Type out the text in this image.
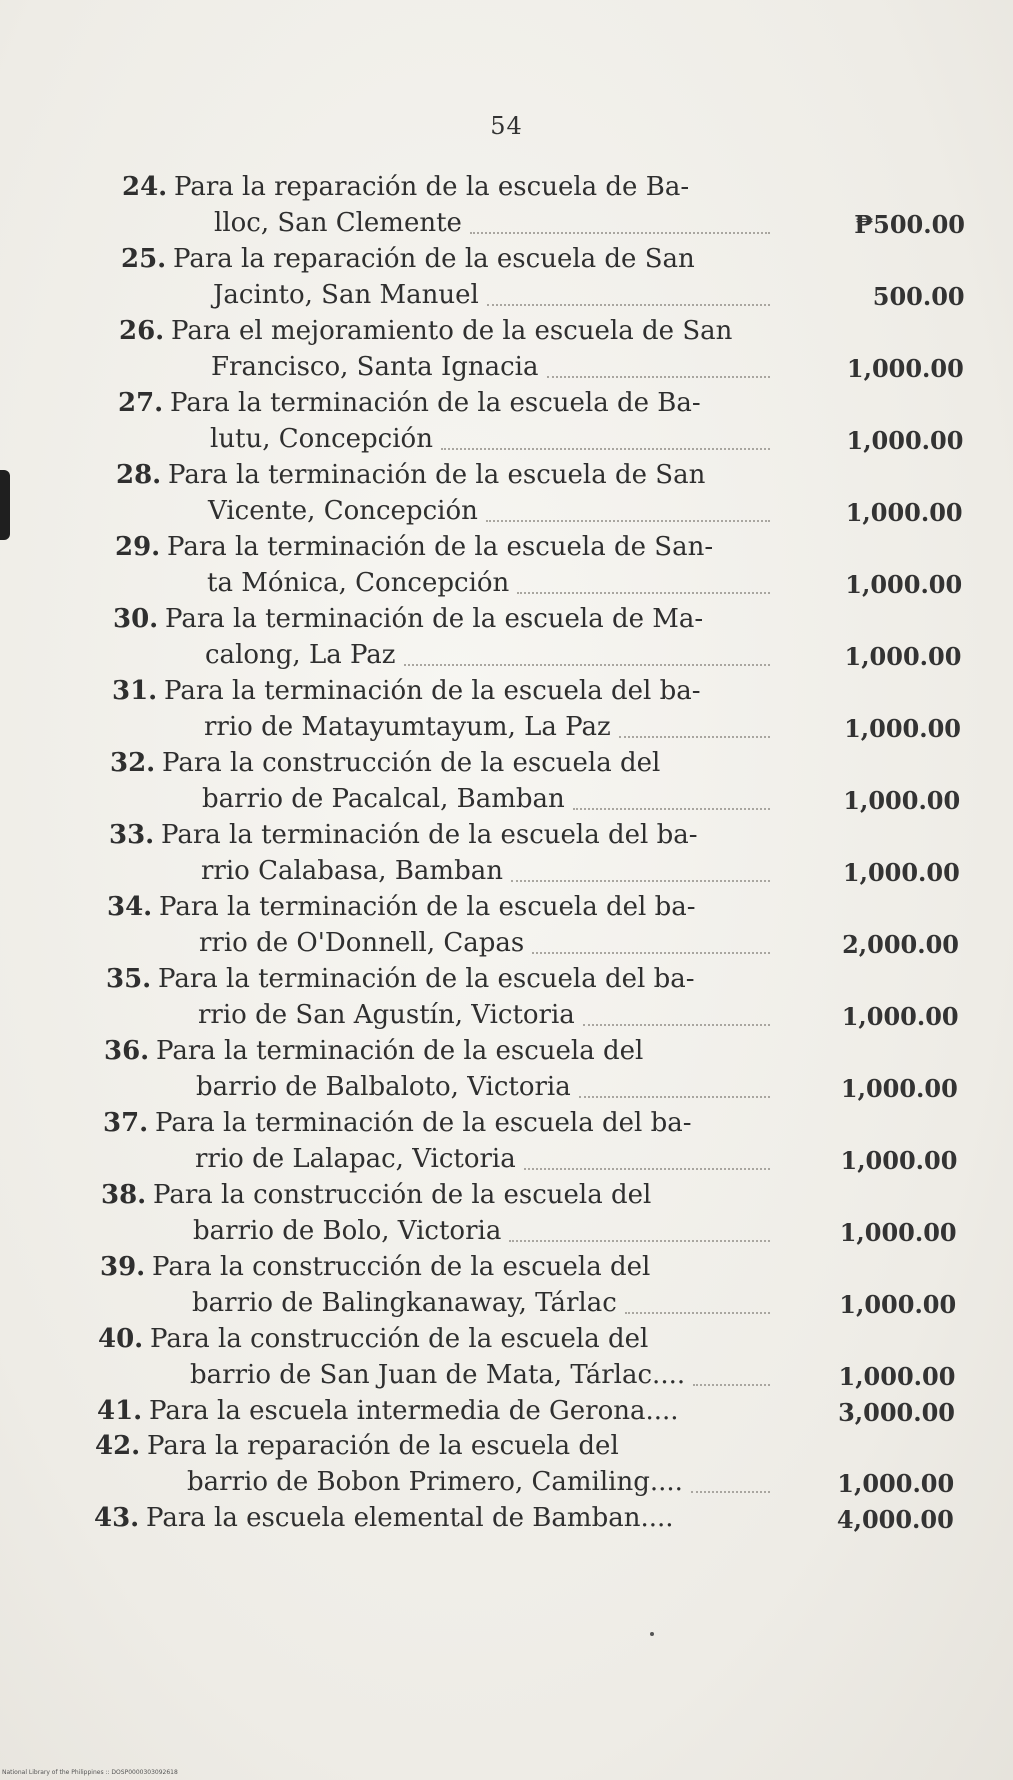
54
24. Para la reparación de la escuela de Ba-
lloc, San Clemente	₱500.00
25. Para la reparación de la escuela de San
Jacinto, San Manuel	500.00
26. Para el mejoramiento de la escuela de San
Francisco, Santa Ignacia	1,000.00
27. Para la terminación de la escuela de Ba-
lutu, Concepción	1,000.00
28. Para la terminación de la escuela de San
Vicente, Concepción	1,000.00
29. Para la terminación de la escuela de San-
ta Mónica, Concepción	1,000.00
30. Para la terminación de la escuela de Ma-
calong, La Paz	1,000.00
31. Para la terminación de la escuela del ba-
rrio de Matayumtayum, La Paz	1,000.00
32. Para la construcción de la escuela del
barrio de Pacalcal, Bamban	1,000.00
33. Para la terminación de la escuela del ba-
rrio Calabasa, Bamban	1,000.00
34. Para la terminación de la escuela del ba-
rrio de O'Donnell, Capas	2,000.00
35. Para la terminación de la escuela del ba-
rrio de San Agustín, Victoria	1,000.00
36. Para la terminación de la escuela del
barrio de Balbaloto, Victoria	1,000.00
37. Para la terminación de la escuela del ba-
rrio de Lalapac, Victoria	1,000.00
38. Para la construcción de la escuela del
barrio de Bolo, Victoria	1,000.00
39. Para la construcción de la escuela del
barrio de Balingkanaway, Tárlac	1,000.00
40. Para la construcción de la escuela del
barrio de San Juan de Mata, Tárlac....	1,000.00
41. Para la escuela intermedia de Gerona....	3,000.00
42. Para la reparación de la escuela del
barrio de Bobon Primero, Camiling....	1,000.00
43. Para la escuela elemental de Bamban....	4,000.00
National Library of the Philippines :: DOSP0000303092618
